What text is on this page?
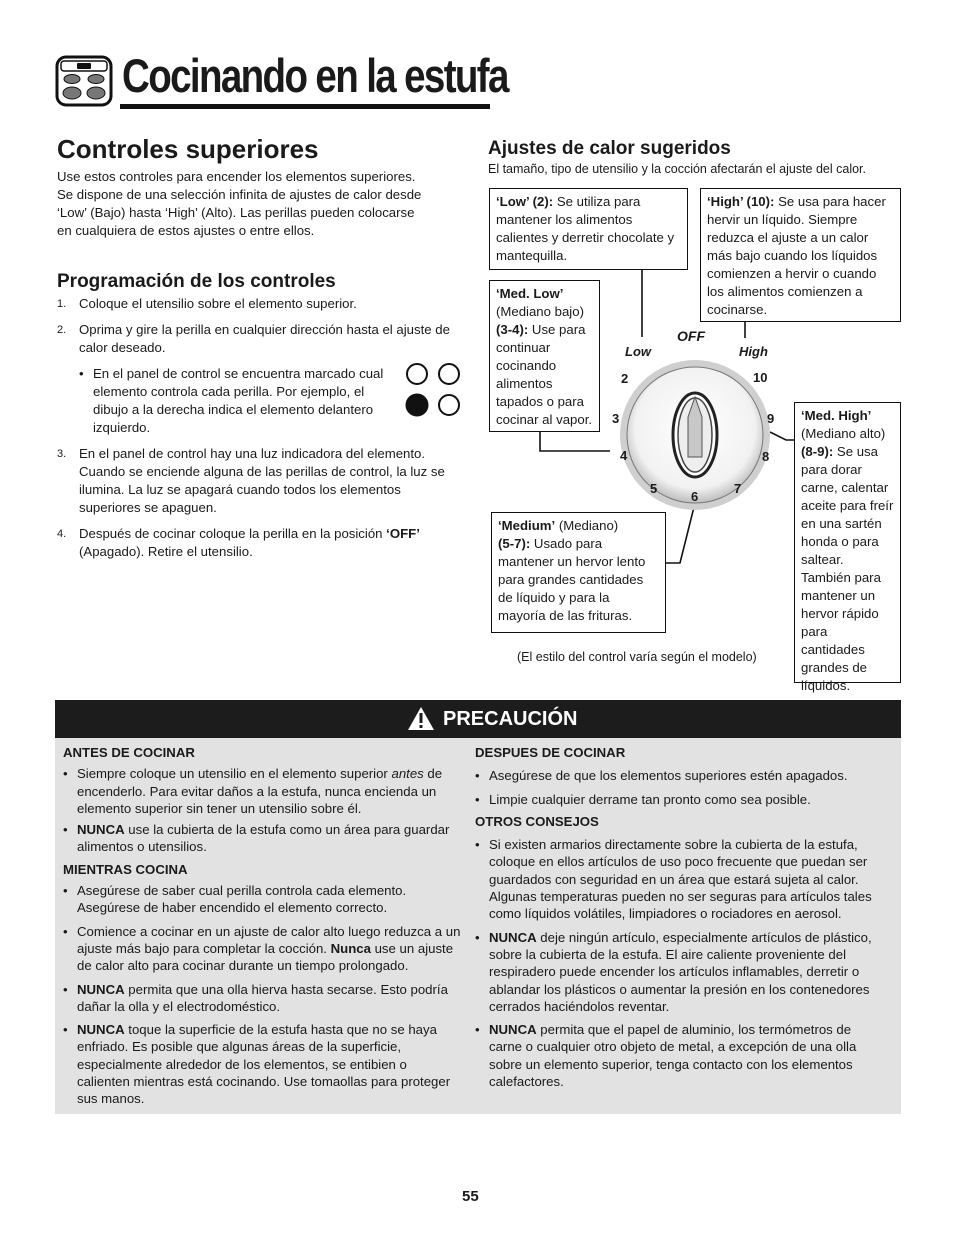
Cocinando en la estufa
Controles superiores

Use estos controles para encender los elementos superiores. Se dispone de una selección infinita de ajustes de calor desde ‘Low’ (Bajo) hasta ‘High’ (Alto). Las perillas pueden colocarse en cualquiera de estos ajustes o entre ellos.

Programación de los controles
1. Coloque el utensilio sobre el elemento superior.
2. Oprima y gire la perilla en cualquier dirección hasta el ajuste de calor deseado.
• En el panel de control se encuentra marcado cual elemento controla cada perilla. Por ejemplo, el dibujo a la derecha indica el elemento delantero izquierdo.
3. En el panel de control hay una luz indicadora del elemento. Cuando se enciende alguna de las perillas de control, la luz se ilumina. La luz se apagará cuando todos los elementos superiores se apaguen.
4. Después de cocinar coloque la perilla en la posición ‘OFF’ (Apagado). Retire el utensilio.
Ajustes de calor sugeridos

El tamaño, tipo de utensilio y la cocción afectarán el ajuste del calor.

‘Low’ (2): Se utiliza para mantener los alimentos calientes y derretir chocolate y mantequilla.
‘High’ (10): Se usa para hacer hervir un líquido. Siempre reduzca el ajuste a un calor más bajo cuando los líquidos comienzen a hervir o cuando los alimentos comienzen a cocinarse.
‘Med. Low’
(Mediano bajo)
(3-4): Use para continuar cocinando alimentos tapados o para cocinar al vapor.	‘Med. High’
(Mediano alto)
(8-9): Se usa para dorar carne, calentar aceite para freír en una sartén honda o para saltear. También para mantener un hervor rápido para cantidades grandes de líquidos.
‘Medium’ (Mediano)
(5-7): Usado para mantener un hervor lento para grandes cantidades de líquido y para la mayoría de las frituras.
OFF
Low	High
2
3
4
5
6
7
8
9
10

(El estilo del control varía según el modelo)

PRECAUCIÓN
ANTES DE COCINAR
• Siempre coloque un utensilio en el elemento superior antes de encenderlo. Para evitar daños a la estufa, nunca encienda un elemento superior sin tener un utensilio sobre él.
• NUNCA use la cubierta de la estufa como un área para guardar alimentos o utensilios.
MIENTRAS COCINA
• Asegúrese de saber cual perilla controla cada elemento. Asegúrese de haber encendido el elemento correcto.
• Comience a cocinar en un ajuste de calor alto luego reduzca a un ajuste más bajo para completar la cocción. Nunca use un ajuste de calor alto para cocinar durante un tiempo prolongado.
• NUNCA permita que una olla hierva hasta secarse. Esto podría dañar la olla y el electrodoméstico.
• NUNCA toque la superficie de la estufa hasta que no se haya enfriado. Es posible que algunas áreas de la superficie, especialmente alrededor de los elementos, se entibien o calienten mientras está cocinando. Use tomaollas para proteger sus manos.
DESPUES DE COCINAR
• Asegúrese de que los elementos superiores estén apagados.
• Limpie cualquier derrame tan pronto como sea posible.
OTROS CONSEJOS
• Si existen armarios directamente sobre la cubierta de la estufa, coloque en ellos artículos de uso poco frecuente que puedan ser guardados con seguridad en un área que estará sujeta al calor. Algunas temperaturas pueden no ser seguras para artículos tales como líquidos volátiles, limpiadores o rociadores en aerosol.
• NUNCA deje ningún artículo, especialmente artículos de plástico, sobre la cubierta de la estufa. El aire caliente proveniente del respiradero puede encender los artículos inflamables, derretir o ablandar los plásticos o aumentar la presión en los contenedores cerrados haciéndolos reventar.
• NUNCA permita que el papel de aluminio, los termómetros de carne o cualquier otro objeto de metal, a excepción de una olla sobre un elemento superior, tenga contacto con los elementos calefactores.
55
